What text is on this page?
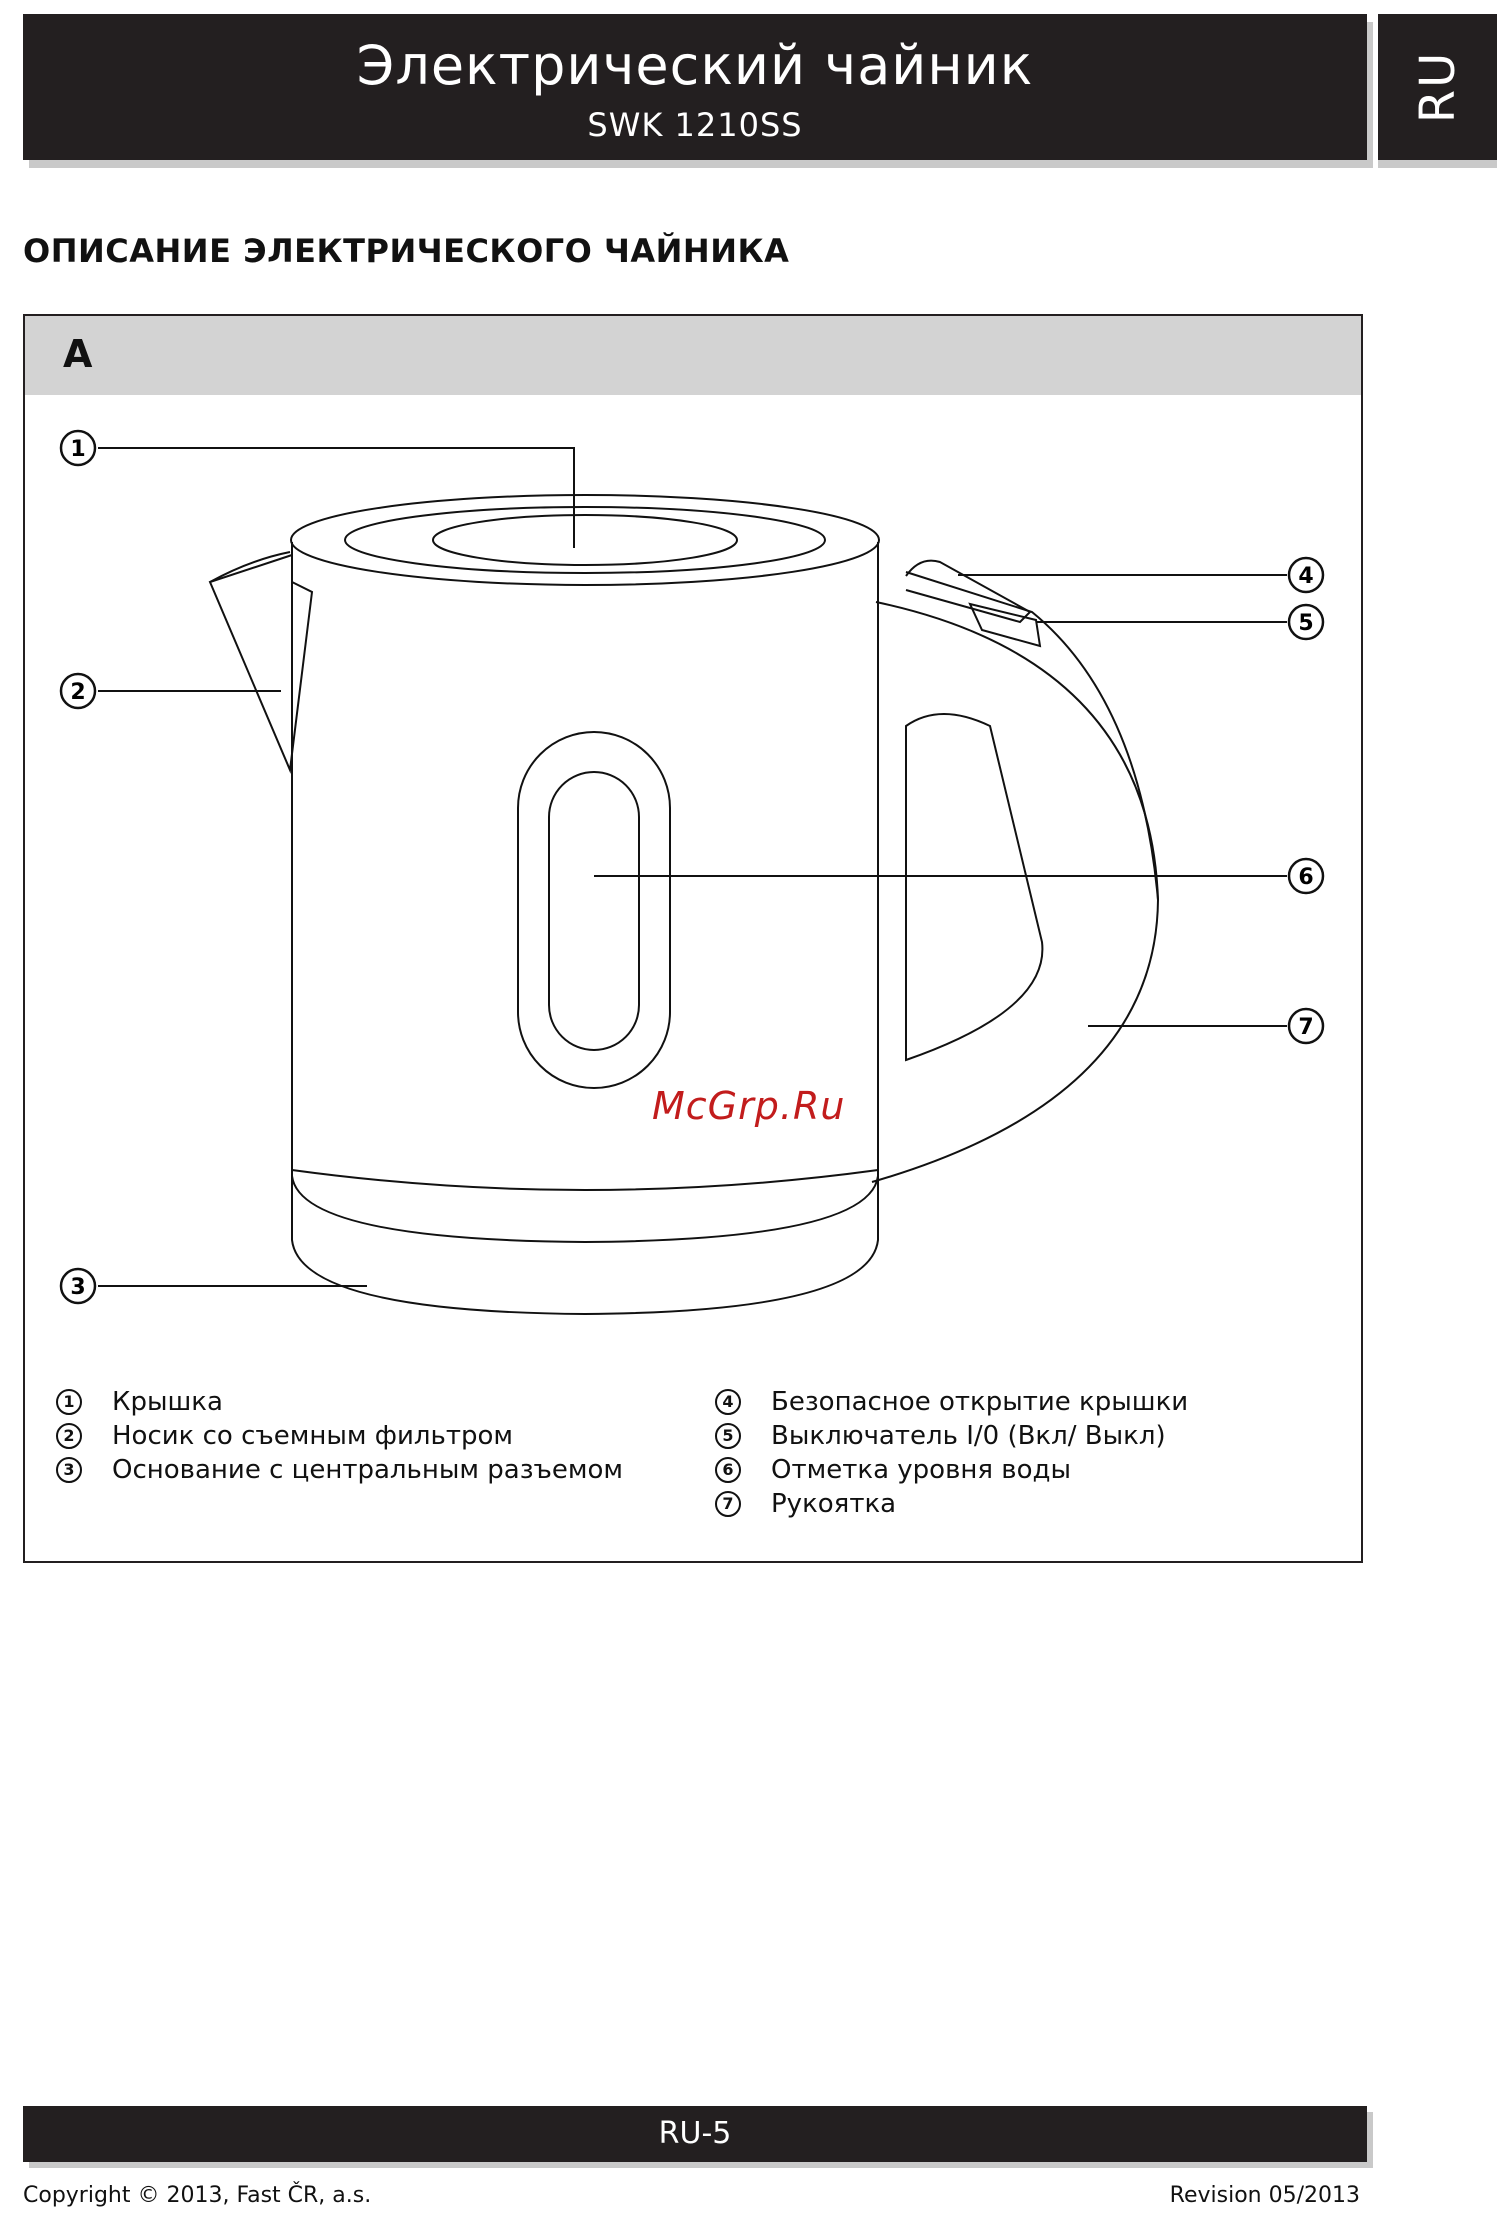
Электрический чайник
SWK 1210SS
RU
ОПИСАНИЕ ЭЛЕКТРИЧЕСКОГО ЧАЙНИКА
A
1
2
3
4
5
6
7
McGrp.Ru
1 Крышка
2 Носик со съемным фильтром
3 Основание с центральным разъемом
4 Безопасное открытие крышки
5 Выключатель I/0 (Вкл/ Выкл)
6 Отметка уровня воды
7 Рукоятка
RU-5
Copyright © 2013, Fast ČR, a.s.	Revision 05/2013
